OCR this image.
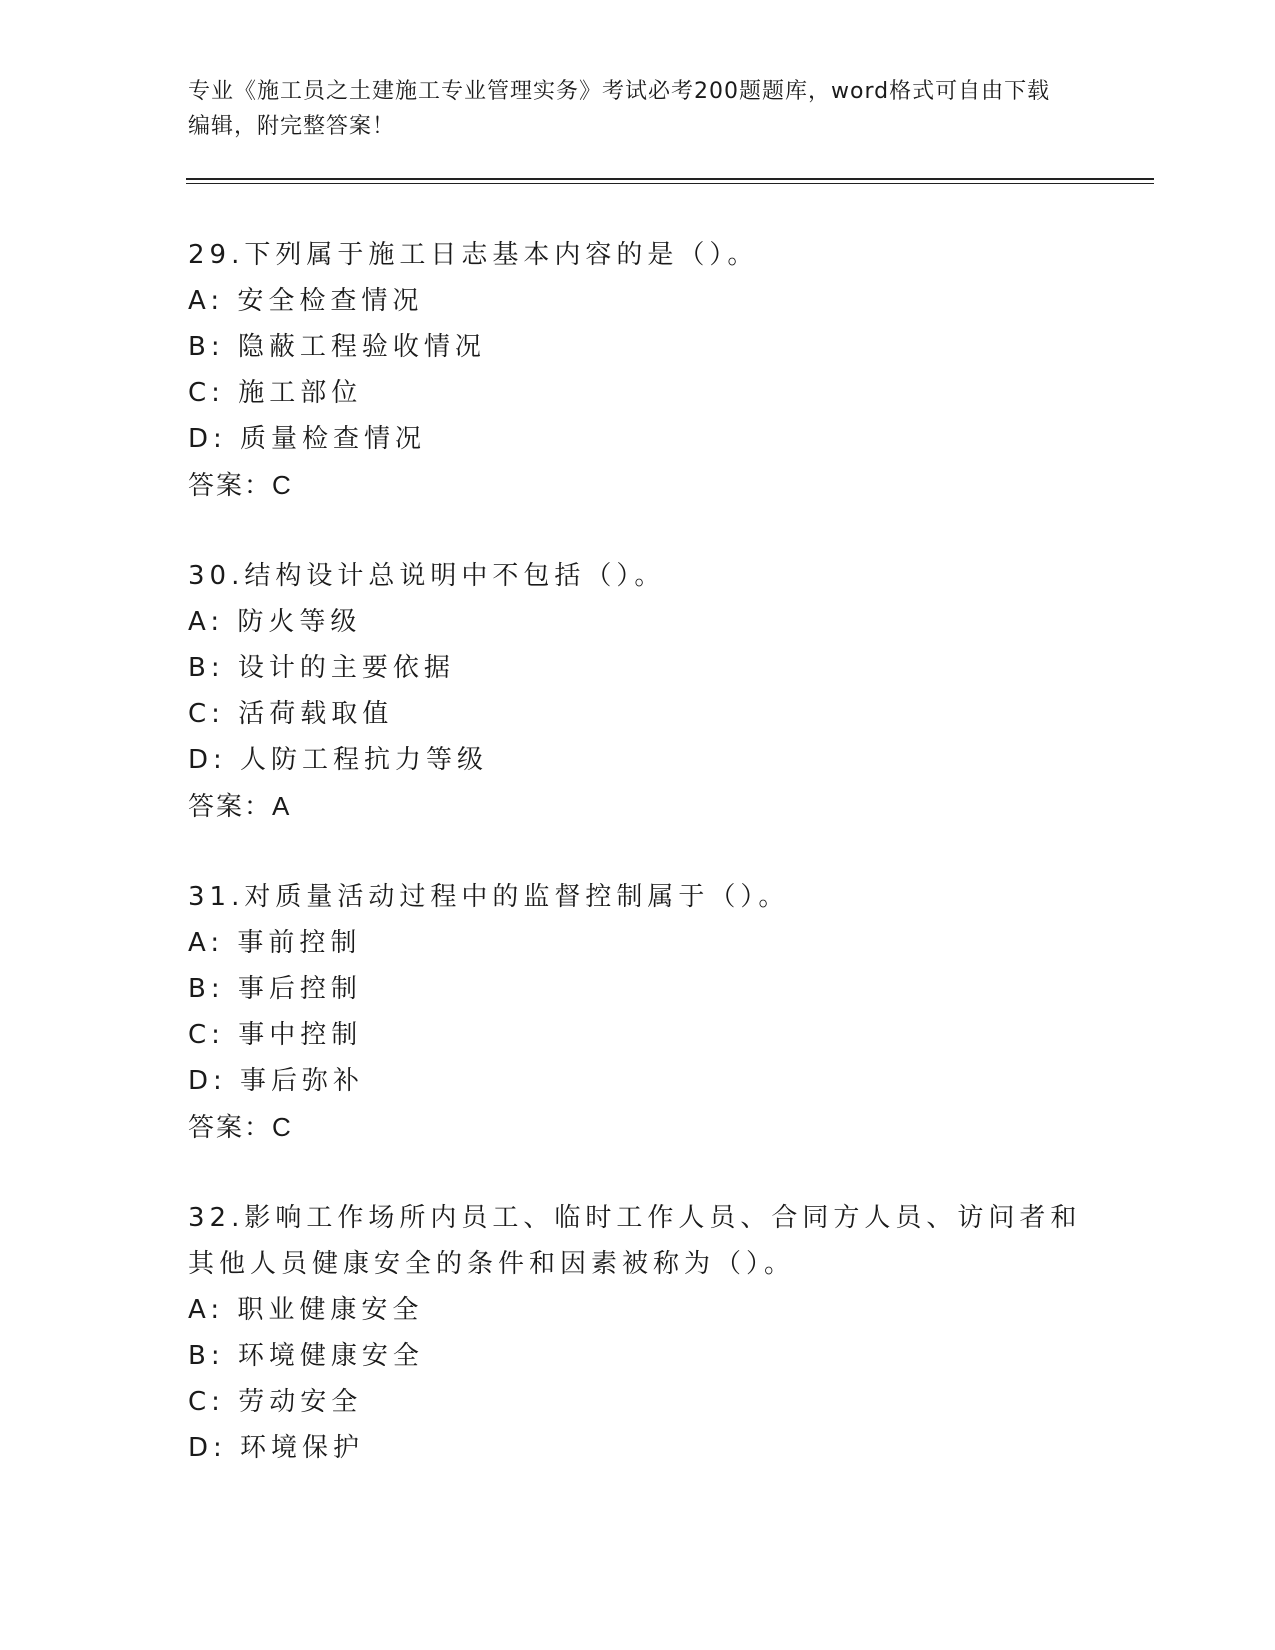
专业《施工员之土建施工专业管理实务》考试必考200题题库，word格式可自由下载编辑，附完整答案！
29.下列属于施工日志基本内容的是（）。
A: 安全检查情况
B: 隐蔽工程验收情况
C: 施工部位
D: 质量检查情况
答案：C
30.结构设计总说明中不包括（）。
A: 防火等级
B: 设计的主要依据
C: 活荷载取值
D: 人防工程抗力等级
答案：A
31.对质量活动过程中的监督控制属于（）。
A: 事前控制
B: 事后控制
C: 事中控制
D: 事后弥补
答案：C
32.影响工作场所内员工、临时工作人员、合同方人员、访问者和其他人员健康安全的条件和因素被称为（）。
A: 职业健康安全
B: 环境健康安全
C: 劳动安全
D: 环境保护
